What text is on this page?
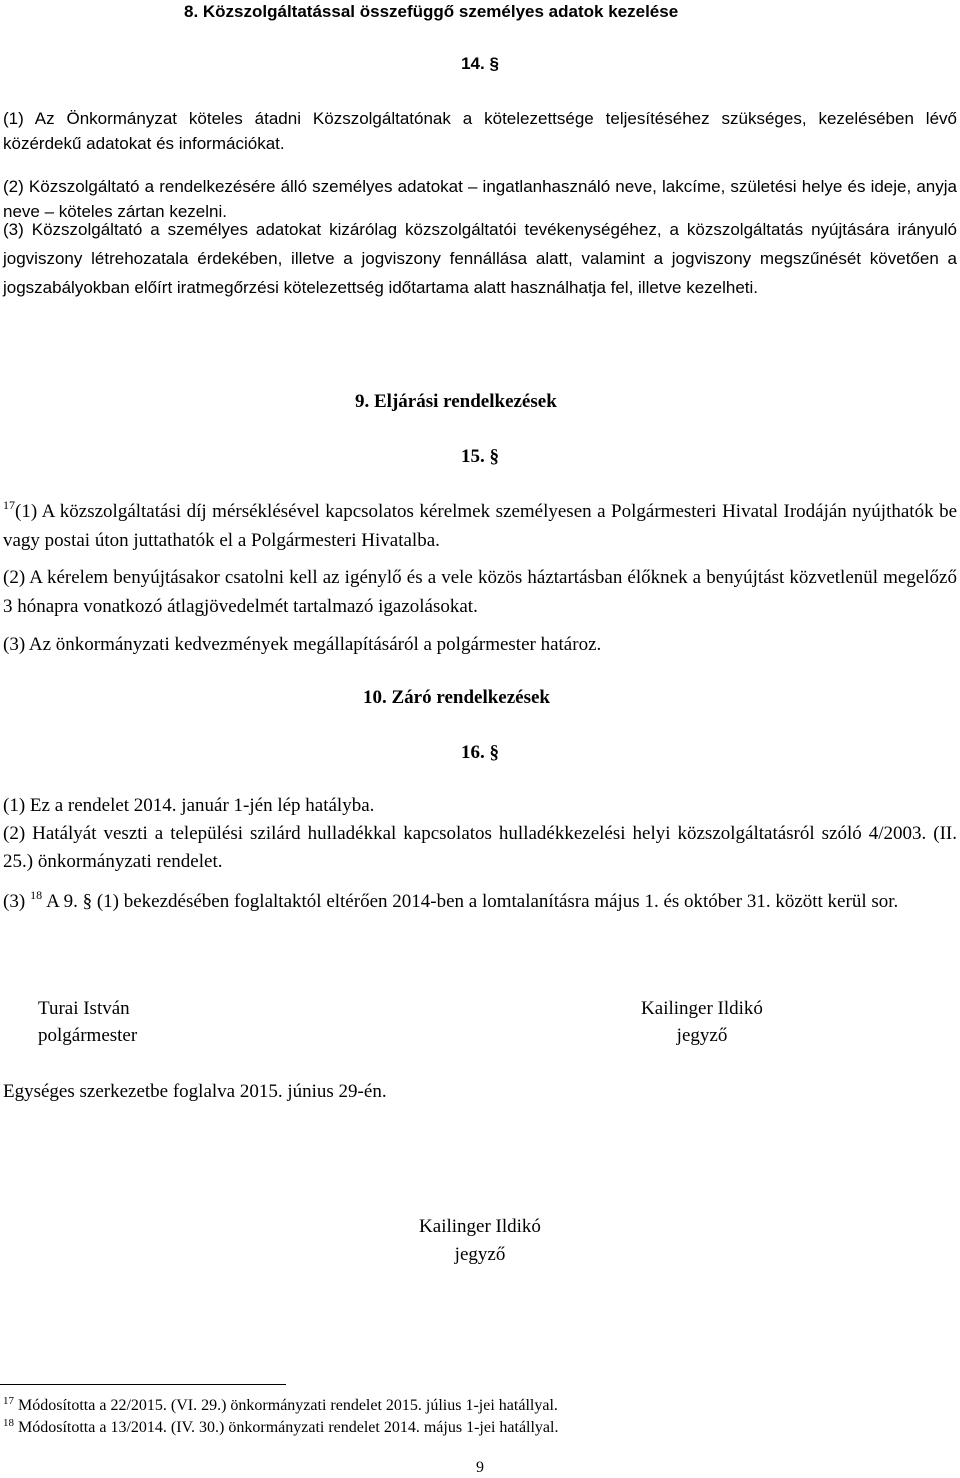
8. Közszolgáltatással összefüggő személyes adatok kezelése
14. §

(1) Az Önkormányzat köteles átadni Közszolgáltatónak a kötelezettsége teljesítéséhez szükséges, kezelésében lévő közérdekű adatokat és információkat.

(2) Közszolgáltató a rendelkezésére álló személyes adatokat – ingatlanhasználó neve, lakcíme, születési helye és ideje, anyja neve – köteles zártan kezelni.

(3) Közszolgáltató a személyes adatokat kizárólag közszolgáltatói tevékenységéhez, a közszolgáltatás nyújtására irányuló jogviszony létrehozatala érdekében, illetve a jogviszony fennállása alatt, valamint a jogviszony megszűnését követően a jogszabályokban előírt iratmegőrzési kötelezettség időtartama alatt használhatja fel, illetve kezelheti.

9. Eljárási rendelkezések
15. §

$^{17}$(1) A közszolgáltatási díj mérséklésével kapcsolatos kérelmek személyesen a Polgármesteri Hivatal Irodáján nyújthatók be vagy postai úton juttathatók el a Polgármesteri Hivatalba.

(2) A kérelem benyújtásakor csatolni kell az igénylő és a vele közös háztartásban élőknek a benyújtást közvetlenül megelőző 3 hónapra vonatkozó átlagjövedelmét tartalmazó igazolásokat.

(3) Az önkormányzati kedvezmények megállapításáról a polgármester határoz.

10. Záró rendelkezések
16. §

(1) Ez a rendelet 2014. január 1-jén lép hatályba.

(2) Hatályát veszti a települési szilárd hulladékkal kapcsolatos hulladékkezelési helyi közszolgáltatásról szóló 4/2003. (II. 25.) önkormányzati rendelet.

(3) $^{18}$ A 9. § (1) bekezdésében foglaltaktól eltérően 2014-ben a lomtalanításra május 1. és október 31. között kerül sor.

Turai István
polgármester
Kailinger Ildikó
jegyző
Egységes szerkezetbe foglalva 2015. június 29-én.
Kailinger Ildikó
jegyző
$^{17}$ Módosította a 22/2015. (VI. 29.) önkormányzati rendelet 2015. július 1-jei hatállyal.
$^{18}$ Módosította a 13/2014. (IV. 30.) önkormányzati rendelet 2014. május 1-jei hatállyal.
9
